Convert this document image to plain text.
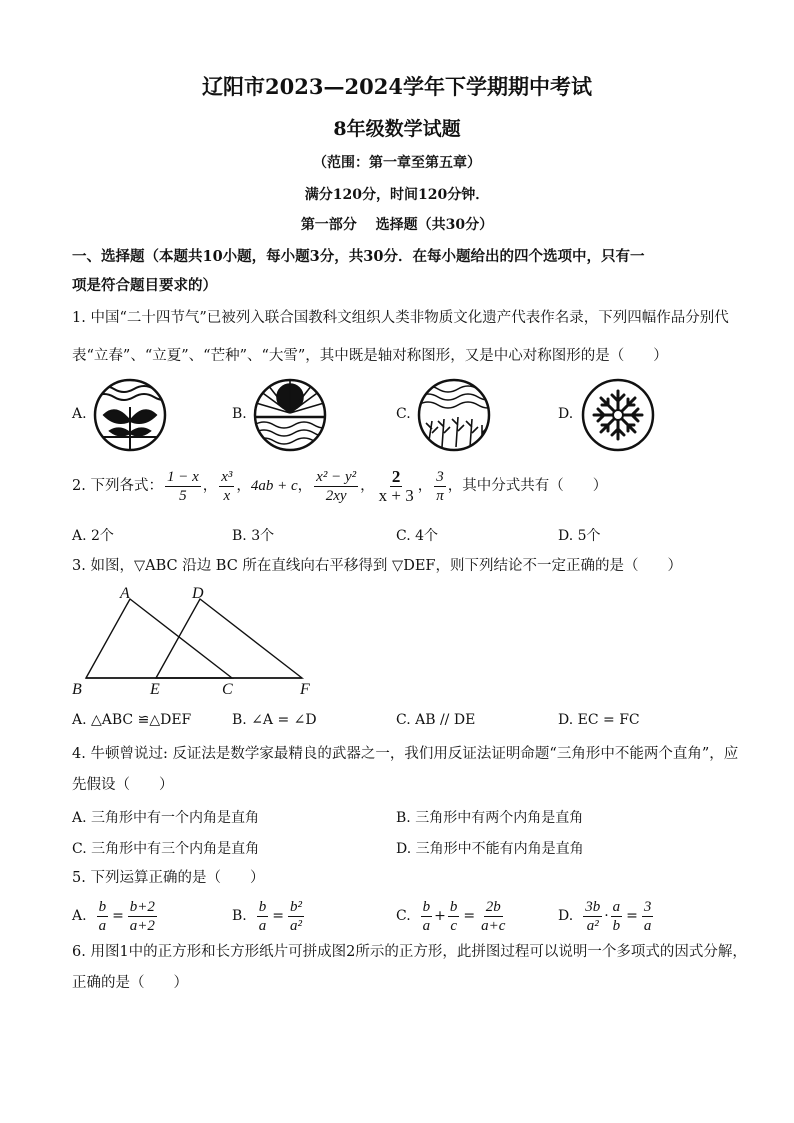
辽阳市2023—2024学年下学期期中考试
8年级数学试题
（范围：第一章至第五章）
满分120分，时间120分钟．
第一部分　 选择题（共30分）
一、选择题（本题共10小题，每小题3分，共30分．在每小题给出的四个选项中，只有一
项是符合题目要求的）
1. 中国“二十四节气”已被列入联合国教科文组织人类非物质文化遗产代表作名录，下列四幅作品分别代
表“立春”、“立夏”、“芒种”、“大雪”，其中既是轴对称图形，又是中心对称图形的是（　　）
A.	B.	C.	D.
2. 下列各式： $\frac{1 - x}{5}$ ， $\frac{\text{x³}}{x}$ ， 4ab + c ， $\frac{\text{x² − y²}}{2xy}$ ， $\frac{2}{x + 3}$ ， $\frac{3}{\pi}$ ，其中分式共有（　　）
A. 2个	B. 3个	C. 4个	D. 5个
3. 如图，▽ABC 沿边 BC 所在直线向右平移得到 ▽DEF，则下列结论不一定正确的是（　　）
A	D
B	E	C	F
A. △ABC ≌△DEF	B. ∠A = ∠D	C. AB // DE	D. EC = FC
4. 牛顿曾说过: 反证法是数学家最精良的武器之一，我们用反证法证明命题“三角形中不能两个直角”，应
先假设（　　）
A. 三角形中有一个内角是直角	B. 三角形中有两个内角是直角
C. 三角形中有三个内角是直角	D. 三角形中不能有内角是直角
5. 下列运算正确的是（　　）
A. $\frac{b}{a} = \frac{b+2}{a+2}$	B. $\frac{b}{a} = \frac{\text{b²}}{\text{a²}}$	C. $\frac{b}{a} + \frac{b}{c} = \frac{2b}{a+c}$	D. $\frac{3b}{\text{a²}} \cdot \frac{a}{b} = \frac{3}{a}$
6. 用图1中的正方形和长方形纸片可拼成图2所示的正方形，此拼图过程可以说明一个多项式的因式分解，
正确的是（　　）
